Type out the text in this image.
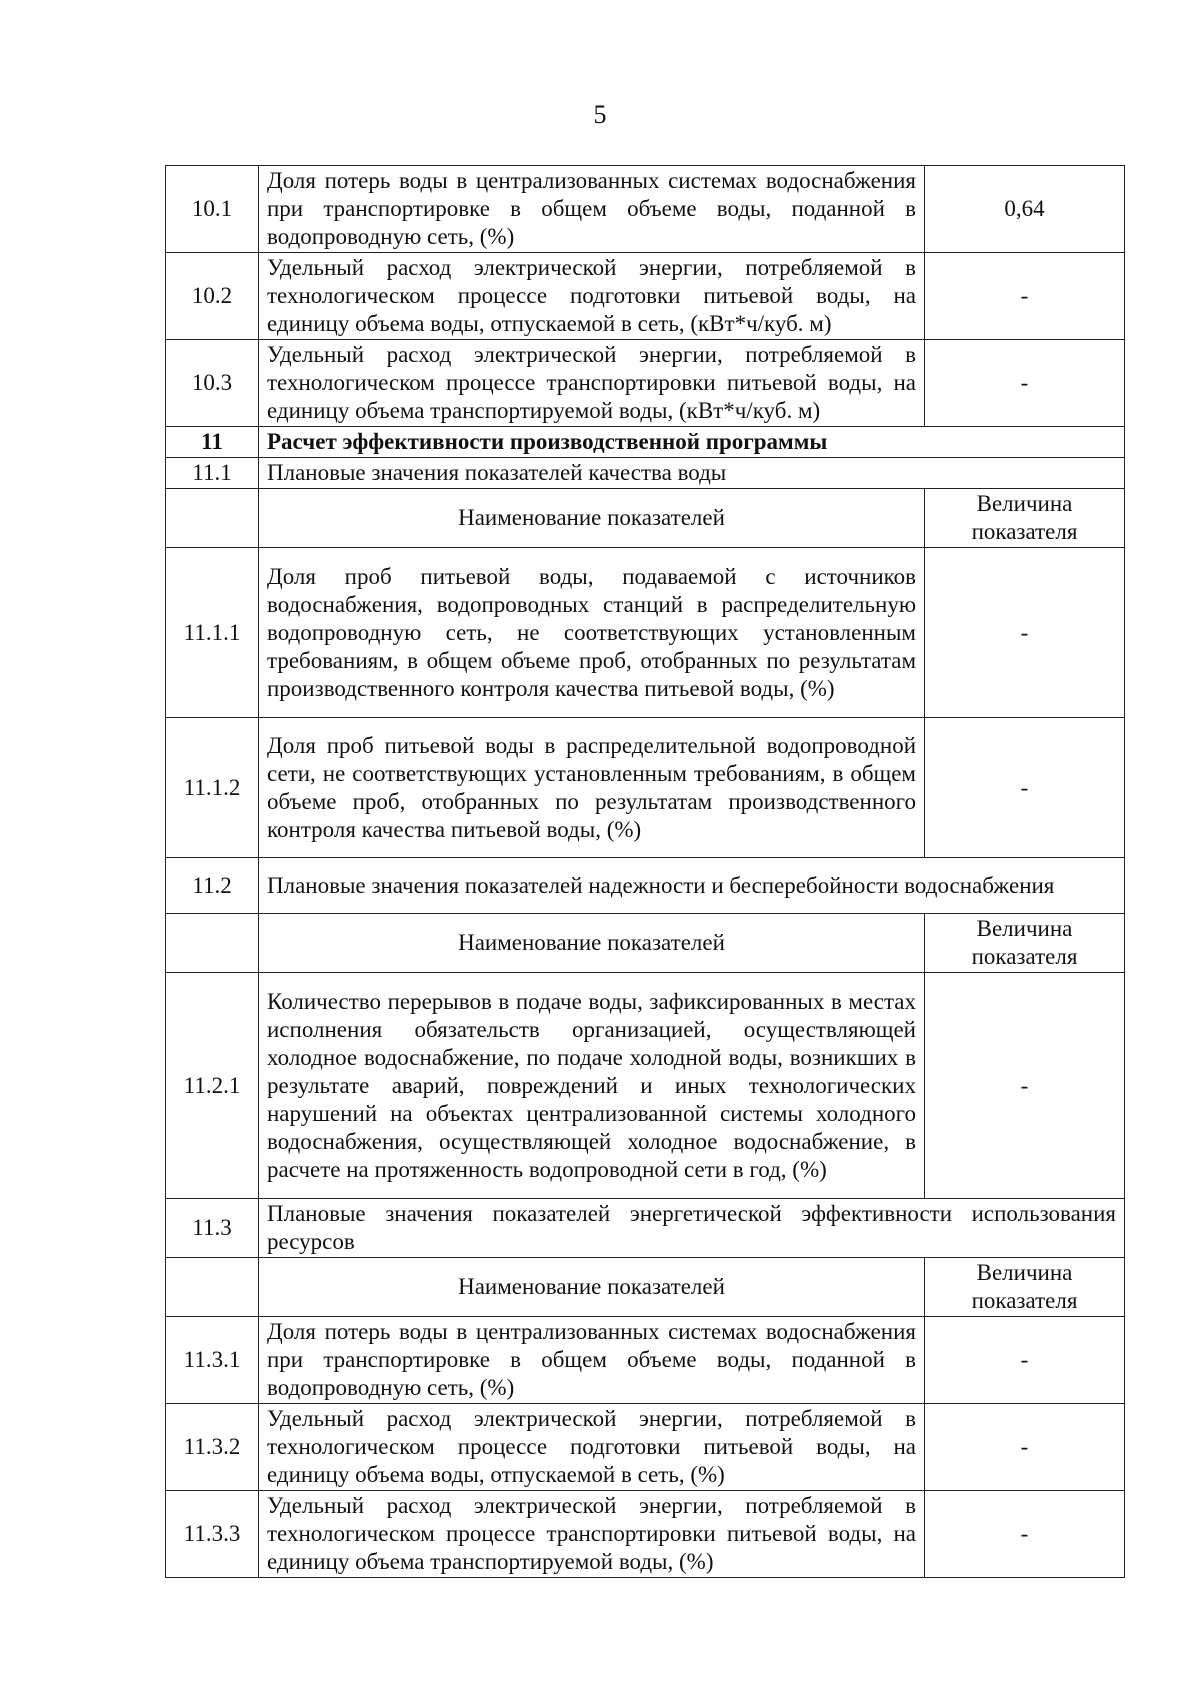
5
10.1	Доля потерь воды в централизованных системах водоснабжения при транспортировке в общем объеме воды, поданной в водопроводную сеть, (%)	0,64
10.2	Удельный расход электрической энергии, потребляемой в технологическом процессе подготовки питьевой воды, на единицу объема воды, отпускаемой в сеть, (кВт*ч/куб. м)	-
10.3	Удельный расход электрической энергии, потребляемой в технологическом процессе транспортировки питьевой воды, на единицу объема транспортируемой воды, (кВт*ч/куб. м)	-
11	Расчет эффективности производственной программы	
11.1	Плановые значения показателей качества воды	
	Наименование показателей	Величина показателя
11.1.1	Доля проб питьевой воды, подаваемой с источников водоснабжения, водопроводных станций в распределительную водопроводную сеть, не соответствующих установленным требованиям, в общем объеме проб, отобранных по результатам производственного контроля качества питьевой воды, (%)	-
11.1.2	Доля проб питьевой воды в распределительной водопроводной сети, не соответствующих установленным требованиям, в общем объеме проб, отобранных по результатам производственного контроля качества питьевой воды, (%)	-
11.2	Плановые значения показателей надежности и бесперебойности водоснабжения	
	Наименование показателей	Величина показателя
11.2.1	Количество перерывов в подаче воды, зафиксированных в местах исполнения обязательств организацией, осуществляющей холодное водоснабжение, по подаче холодной воды, возникших в результате аварий, повреждений и иных технологических нарушений на объектах централизованной системы холодного водоснабжения, осуществляющей холодное водоснабжение, в расчете на протяженность водопроводной сети в год, (%)	-
11.3	Плановые значения показателей энергетической эффективности использования ресурсов	
	Наименование показателей	Величина показателя
11.3.1	Доля потерь воды в централизованных системах водоснабжения при транспортировке в общем объеме воды, поданной в водопроводную сеть, (%)	-
11.3.2	Удельный расход электрической энергии, потребляемой в технологическом процессе подготовки питьевой воды, на единицу объема воды, отпускаемой в сеть, (%)	-
11.3.3	Удельный расход электрической энергии, потребляемой в технологическом процессе транспортировки питьевой воды, на единицу объема транспортируемой воды, (%)	-
